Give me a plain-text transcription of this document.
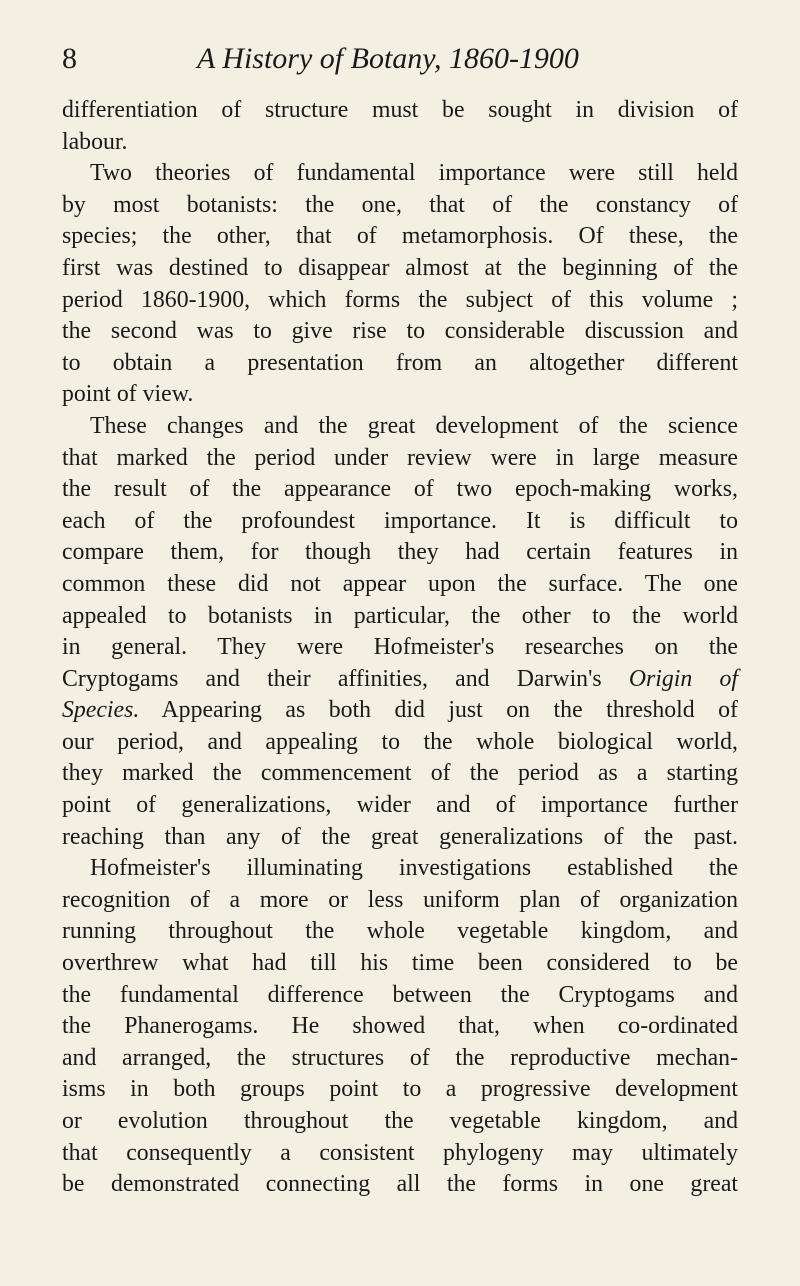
8	A History of Botany, 1860-1900
differentiation of structure must be sought in division of
labour.
Two theories of fundamental importance were still held
by most botanists: the one, that of the constancy of
species; the other, that of metamorphosis. Of these, the
first was destined to disappear almost at the beginning of the
period 1860-1900, which forms the subject of this volume ;
the second was to give rise to considerable discussion and
to obtain a presentation from an altogether different
point of view.
These changes and the great development of the science
that marked the period under review were in large measure
the result of the appearance of two epoch-making works,
each of the profoundest importance. It is difficult to
compare them, for though they had certain features in
common these did not appear upon the surface. The one
appealed to botanists in particular, the other to the world
in general. They were Hofmeister's researches on the
Cryptogams and their affinities, and Darwin's Origin of
Species. Appearing as both did just on the threshold of
our period, and appealing to the whole biological world,
they marked the commencement of the period as a starting
point of generalizations, wider and of importance further
reaching than any of the great generalizations of the past.
Hofmeister's illuminating investigations established the
recognition of a more or less uniform plan of organization
running throughout the whole vegetable kingdom, and
overthrew what had till his time been considered to be
the fundamental difference between the Cryptogams and
the Phanerogams. He showed that, when co-ordinated
and arranged, the structures of the reproductive mechan-
isms in both groups point to a progressive development
or evolution throughout the vegetable kingdom, and
that consequently a consistent phylogeny may ultimately
be demonstrated connecting all the forms in one great
